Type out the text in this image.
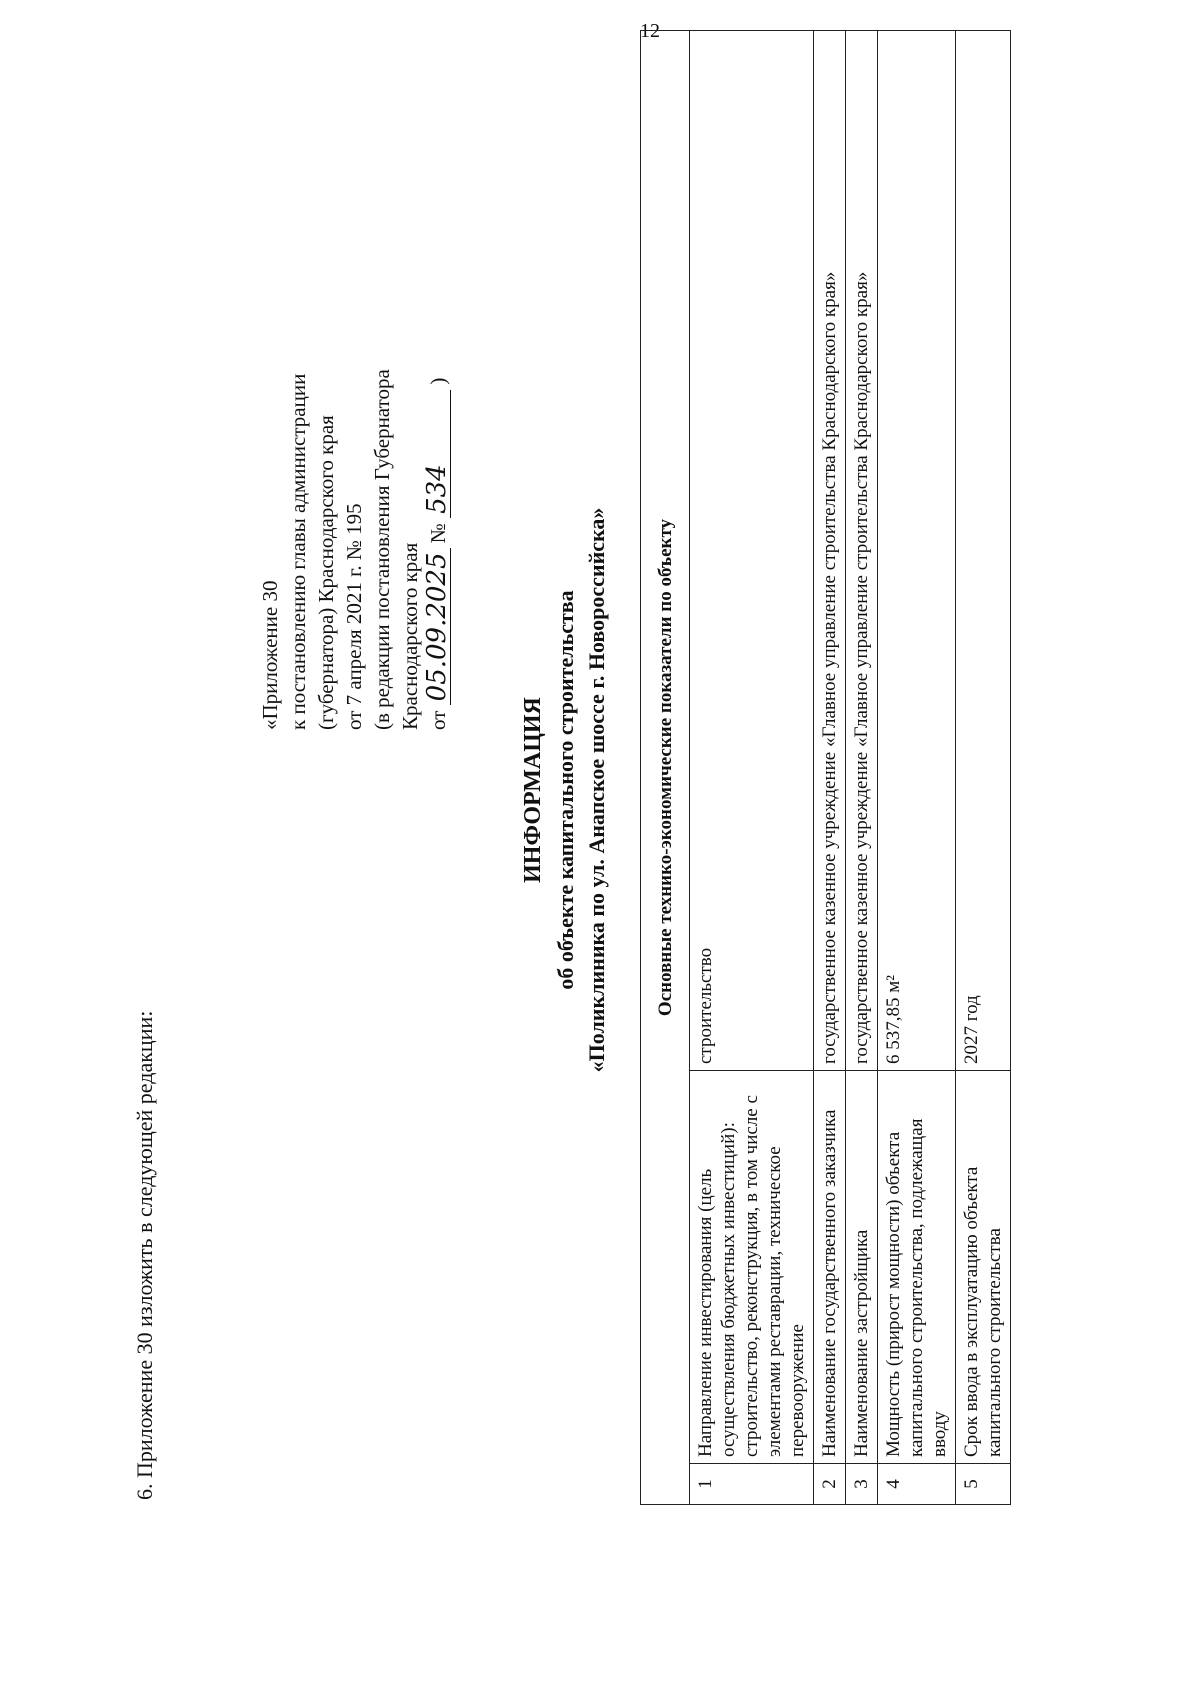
12
6. Приложение 30 изложить в следующей редакции:
«Приложение 30 к постановлению главы администрации (губернатора) Краснодарского края от 7 апреля 2021 г. № 195 (в редакции постановления Губернатора Краснодарского края от 05.09.2025 № 534 )
ИНФОРМАЦИЯ об объекте капитального строительства «Поликлиника по ул. Анапское шоссе г. Новороссийска» Основные технико-экономические показатели по объекту		
1	Направление инвестирования (цель осуществления бюджетных инвестиций): строительство, реконструкция, в том числе с элементами реставрации, техническое перевооружение	строительство
2	Наименование государственного заказчика	государственное казенное учреждение «Главное управление строительства Краснодарского края»
3	Наименование застройщика	государственное казенное учреждение «Главное управление строительства Краснодарского края»
4	Мощность (прирост мощности) объекта капитального строительства, подлежащая вводу	6 537,85 м²
5	Срок ввода в эксплуатацию объекта капитального строительства	2027 год
